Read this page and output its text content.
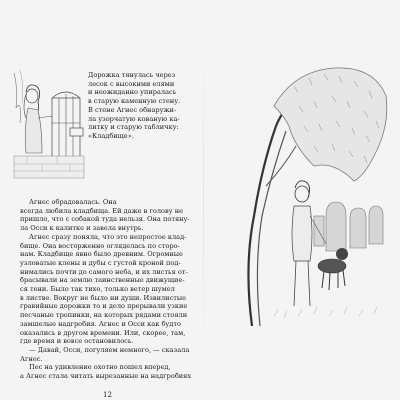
Дорожка тянулась через
лесок с высокими елями
и неожиданно упиралась
в старую каменную стену.
В стене Агнес обнаружи-
ла узорчатую кованую ка-
литку и старую табличку:
«Кладбище».
Агнес обрадовалась. Она
всегда любила кладбища. Ей даже в голову не
пришло, что с собакой туда нельзя. Она потяну-
ла Осси к калитке и завела внутрь.
Агнес сразу поняла, что это непростое клад-
бище. Она восторженно огляделась по сторо-
нам. Кладбище явно было древним. Огромные
узловатые клены и дубы с густой кроной под-
нимались почти до самого неба, и их листья от-
брасывали на землю таинственные движущие-
ся тени. Было так тихо, только ветер шумел
в листве. Вокруг не было ни души. Извилистые
гравийные дорожки то и дело прерывали узкие
песчаные тропинки, на которых рядами стояли
замшелые надгробия. Агнес и Осси как будто
оказались в другом времени. Или, скорее, там,
где время и вовсе остановилось.
— Давай, Осси, погуляем немного, — сказала
Агнес.
Пес на удивление охотно пошел вперед,
а Агнес стала читать вырезанные на надгробиях
12
